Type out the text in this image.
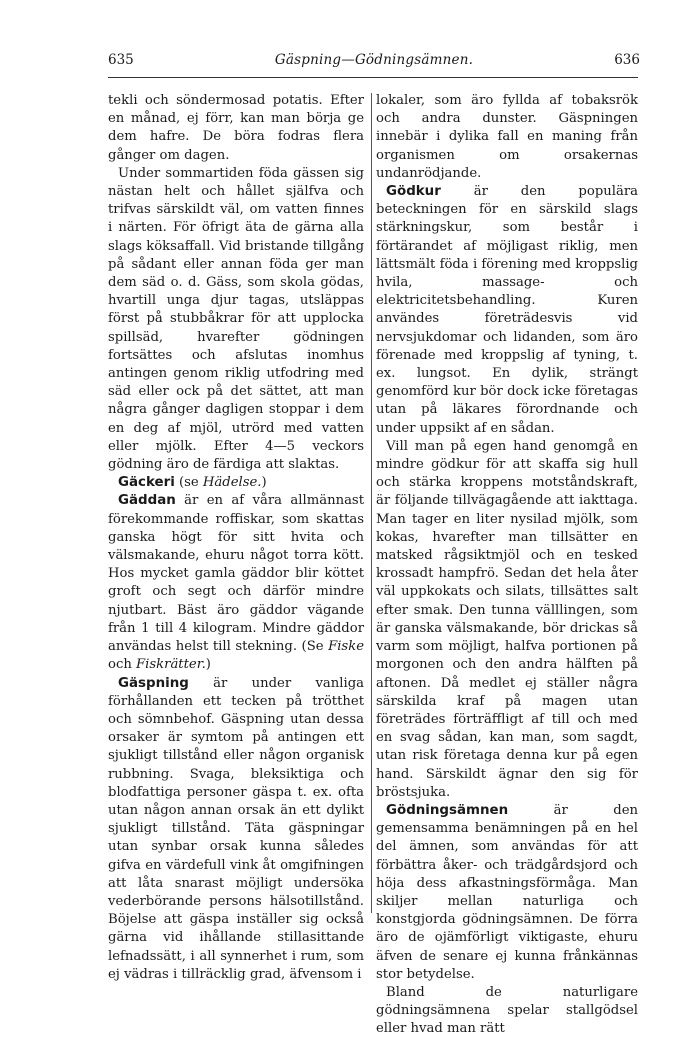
635	Gäspning—Gödningsämnen.	636

tekli och söndermosad potatis. Efter en månad, ej förr, kan man börja ge dem hafre. De böra fodras flera gånger om dagen.

Under sommartiden föda gässen sig nästan helt och hållet själfva och trifvas särskildt väl, om vatten finnes i närten. För öfrigt äta de gärna alla slags köksaffall. Vid bristande tillgång på sådant eller annan föda ger man dem säd o. d. Gäss, som skola gödas, hvartill unga djur tagas, utsläppas först på stubbåkrar för att upplocka spillsäd, hvarefter gödningen fortsättes och afslutas inomhus antingen genom riklig utfodring med säd eller ock på det sättet, att man några gånger dagligen stoppar i dem en deg af mjöl, utrörd med vatten eller mjölk. Efter 4—5 veckors gödning äro de färdiga att slaktas.

Gäckeri (se Hädelse.)

Gäddan är en af våra allmännast förekommande roffiskar, som skattas ganska högt för sitt hvita och välsmakande, ehuru något torra kött. Hos mycket gamla gäddor blir köttet groft och segt och därför mindre njutbart. Bäst äro gäddor vägande från 1 till 4 kilogram. Mindre gäddor användas helst till stekning. (Se Fiske och Fiskrätter.)

Gäspning är under vanliga förhållanden ett tecken på trötthet och sömnbehof. Gäspning utan dessa orsaker är symtom på antingen ett sjukligt tillstånd eller någon organisk rubbning. Svaga, bleksiktiga och blodfattiga personer gäspa t. ex. ofta utan någon annan orsak än ett dylikt sjukligt tillstånd. Täta gäspningar utan synbar orsak kunna således gifva en värdefull vink åt omgifningen att låta snarast möjligt undersöka vederbörande persons hälsotillstånd. Böjelse att gäspa inställer sig också gärna vid ihållande stillasittande lefnadssätt, i all synnerhet i rum, som ej vädras i tillräcklig grad, äfvensom i

lokaler, som äro fyllda af tobaksrök och andra dunster. Gäspningen innebär i dylika fall en maning från organismen om orsakernas undanrödjande.

Gödkur är den populära beteckningen för en särskild slags stärkningskur, som består i förtärandet af möjligast riklig, men lättsmält föda i förening med kroppslig hvila, massage- och elektricitetsbehandling. Kuren användes företrädesvis vid nervsjukdomar och lidanden, som äro förenade med kroppslig af tyning, t. ex. lungsot. En dylik, strängt genomförd kur bör dock icke företagas utan på läkares förordnande och under uppsikt af en sådan.

Vill man på egen hand genomgå en mindre gödkur för att skaffa sig hull och stärka kroppens motståndskraft, är följande tillvägagående att iakttaga. Man tager en liter nysilad mjölk, som kokas, hvarefter man tillsätter en matsked rågsiktmjöl och en tesked krossadt hampfrö. Sedan det hela åter väl uppkokats och silats, tillsättes salt efter smak. Den tunna välllingen, som är ganska välsmakande, bör drickas så varm som möjligt, halfva portionen på morgonen och den andra hälften på aftonen. Då medlet ej ställer några särskilda kraf på magen utan företrädes förträffligt af till och med en svag sådan, kan man, som sagdt, utan risk företaga denna kur på egen hand. Särskildt ägnar den sig för bröstsjuka.

Gödningsämnen är den gemensamma benämningen på en hel del ämnen, som användas för att förbättra åker- och trädgårdsjord och höja dess afkastningsförmåga. Man skiljer mellan naturliga och konstgjorda gödningsämnen. De förra äro de ojämförligt viktigaste, ehuru äfven de senare ej kunna frånkännas stor betydelse.

Bland de naturligare gödningsämnena spelar stallgödsel eller hvad man rätt
